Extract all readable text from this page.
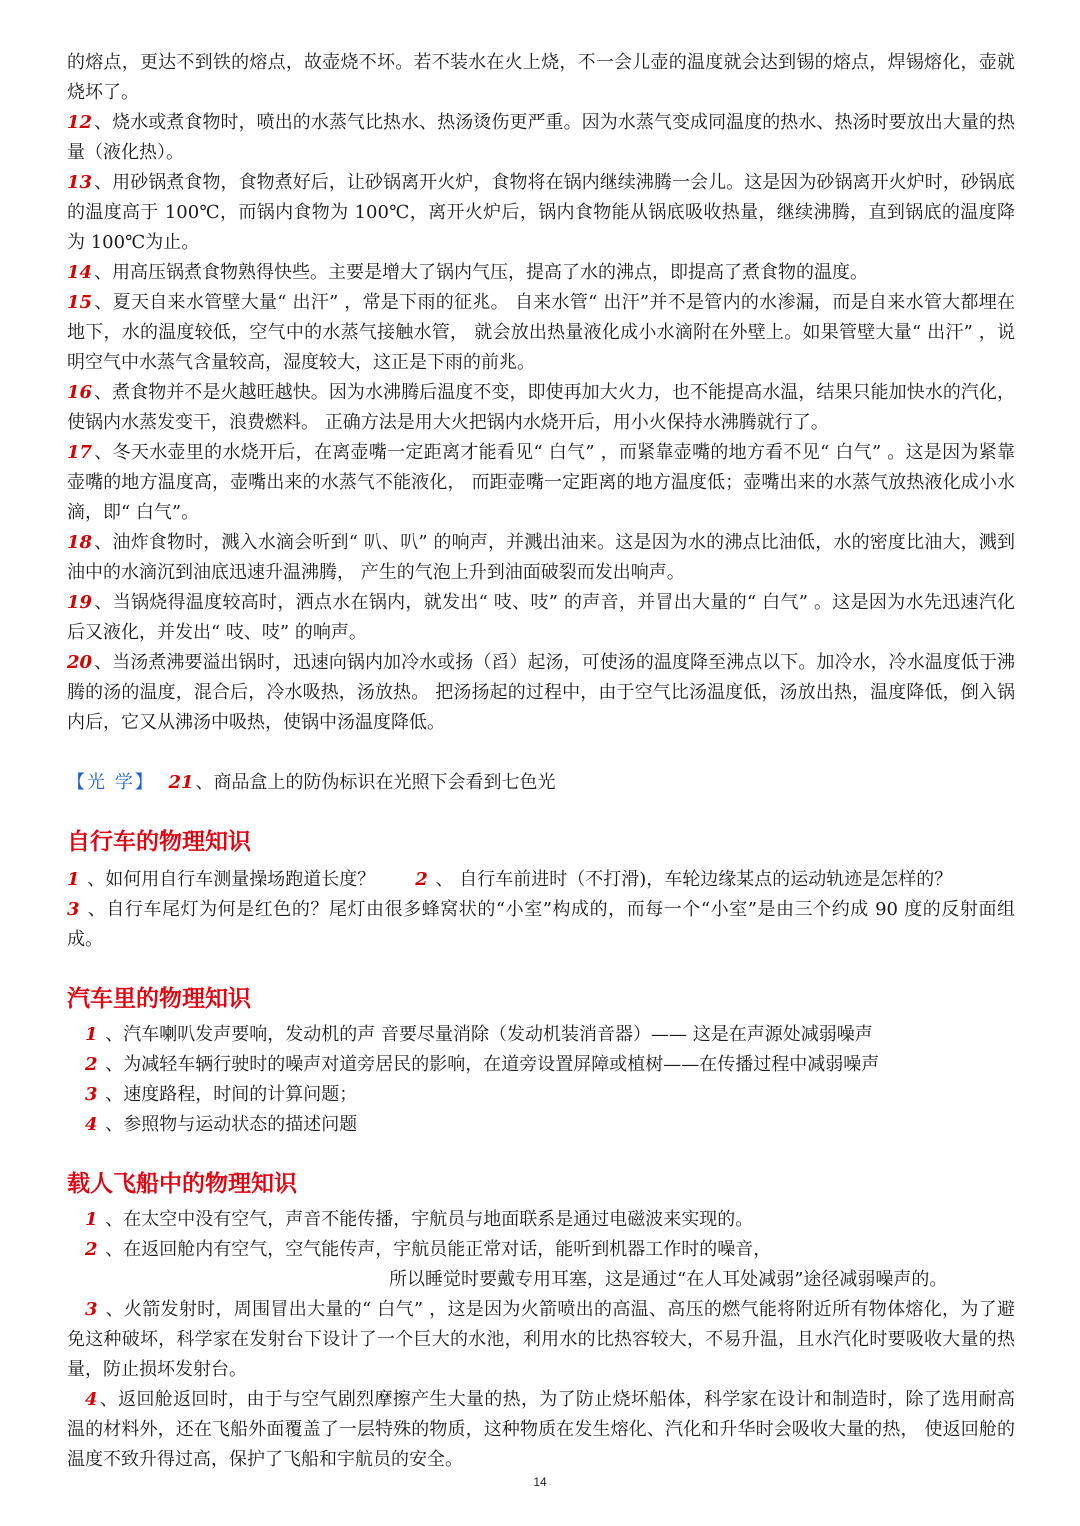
的熔点，更达不到铁的熔点，故壶烧不坏。若不装水在火上烧，不一会儿壶的温度就会达到锡的熔点，焊锡熔化，壶就烧坏了。

12 、烧水或煮食物时，喷出的水蒸气比热水、热汤烫伤更严重。因为水蒸气变成同温度的热水、热汤时要放出大量的热量（液化热）。

13 、用砂锅煮食物，食物煮好后，让砂锅离开火炉，食物将在锅内继续沸腾一会儿。这是因为砂锅离开火炉时，砂锅底的温度高于 100℃，而锅内食物为 100℃，离开火炉后，锅内食物能从锅底吸收热量，继续沸腾，直到锅底的温度降为 100℃为止。

14 、用高压锅煮食物熟得快些。主要是增大了锅内气压，提高了水的沸点，即提高了煮食物的温度。

15 、夏天自来水管壁大量“ 出汗” ，常是下雨的征兆。 自来水管“ 出汗”并不是管内的水渗漏，而是自来水管大都埋在地下，水的温度较低，空气中的水蒸气接触水管， 就会放出热量液化成小水滴附在外壁上。如果管壁大量“ 出汗” ，说明空气中水蒸气含量较高，湿度较大，这正是下雨的前兆。

16 、煮食物并不是火越旺越快。因为水沸腾后温度不变，即使再加大火力，也不能提高水温，结果只能加快水的汽化，使锅内水蒸发变干，浪费燃料。 正确方法是用大火把锅内水烧开后，用小火保持水沸腾就行了。

17 、冬天水壶里的水烧开后，在离壶嘴一定距离才能看见“ 白气” ，而紧靠壶嘴的地方看不见“ 白气” 。这是因为紧靠壶嘴的地方温度高，壶嘴出来的水蒸气不能液化， 而距壶嘴一定距离的地方温度低；壶嘴出来的水蒸气放热液化成小水滴，即“ 白气”。

18 、油炸食物时，溅入水滴会听到“ 叭、叭” 的响声，并溅出油来。这是因为水的沸点比油低，水的密度比油大，溅到油中的水滴沉到油底迅速升温沸腾， 产生的气泡上升到油面破裂而发出响声。

19 、当锅烧得温度较高时，洒点水在锅内，就发出“ 吱、吱” 的声音，并冒出大量的“ 白气” 。这是因为水先迅速汽化后又液化，并发出“ 吱、吱” 的响声。

20 、当汤煮沸要溢出锅时，迅速向锅内加冷水或扬（舀）起汤，可使汤的温度降至沸点以下。加冷水，冷水温度低于沸腾的汤的温度，混合后，冷水吸热，汤放热。 把汤扬起的过程中，由于空气比汤温度低，汤放出热，温度降低，倒入锅内后，它又从沸汤中吸热，使锅中汤温度降低。

【光 学】 21 、商品盒上的防伪标识在光照下会看到七色光
自行车的物理知识

1 、如何用自行车测量操场跑道长度？ 2 、 自行车前进时（不打滑)，车轮边缘某点的运动轨迹是怎样的？

3 、自行车尾灯为何是红色的？尾灯由很多蜂窝状的“小室”构成的，而每一个“小室”是由三个约成 90 度的反射面组成。

汽车里的物理知识

1 、汽车喇叭发声要响，发动机的声 音要尽量消除（发动机装消音器）—— 这是在声源处减弱噪声

2 、为减轻车辆行驶时的噪声对道旁居民的影响，在道旁设置屏障或植树——在传播过程中减弱噪声

3 、速度路程，时间的计算问题；

4 、参照物与运动状态的描述问题

载人飞船中的物理知识

1 、在太空中没有空气，声音不能传播，宇航员与地面联系是通过电磁波来实现的。

2 、在返回舱内有空气，空气能传声，宇航员能正常对话，能听到机器工作时的噪音，

所以睡觉时要戴专用耳塞，这是通过“在人耳处减弱”途径减弱噪声的。

3 、火箭发射时，周围冒出大量的“ 白气” ，这是因为火箭喷出的高温、高压的燃气能将附近所有物体熔化，为了避免这种破坏，科学家在发射台下设计了一个巨大的水池，利用水的比热容较大，不易升温，且水汽化时要吸收大量的热量，防止损坏发射台。

4 、返回舱返回时，由于与空气剧烈摩擦产生大量的热，为了防止烧坏船体，科学家在设计和制造时，除了选用耐高温的材料外，还在飞船外面覆盖了一层特殊的物质，这种物质在发生熔化、汽化和升华时会吸收大量的热， 使返回舱的温度不致升得过高，保护了飞船和宇航员的安全。

14
